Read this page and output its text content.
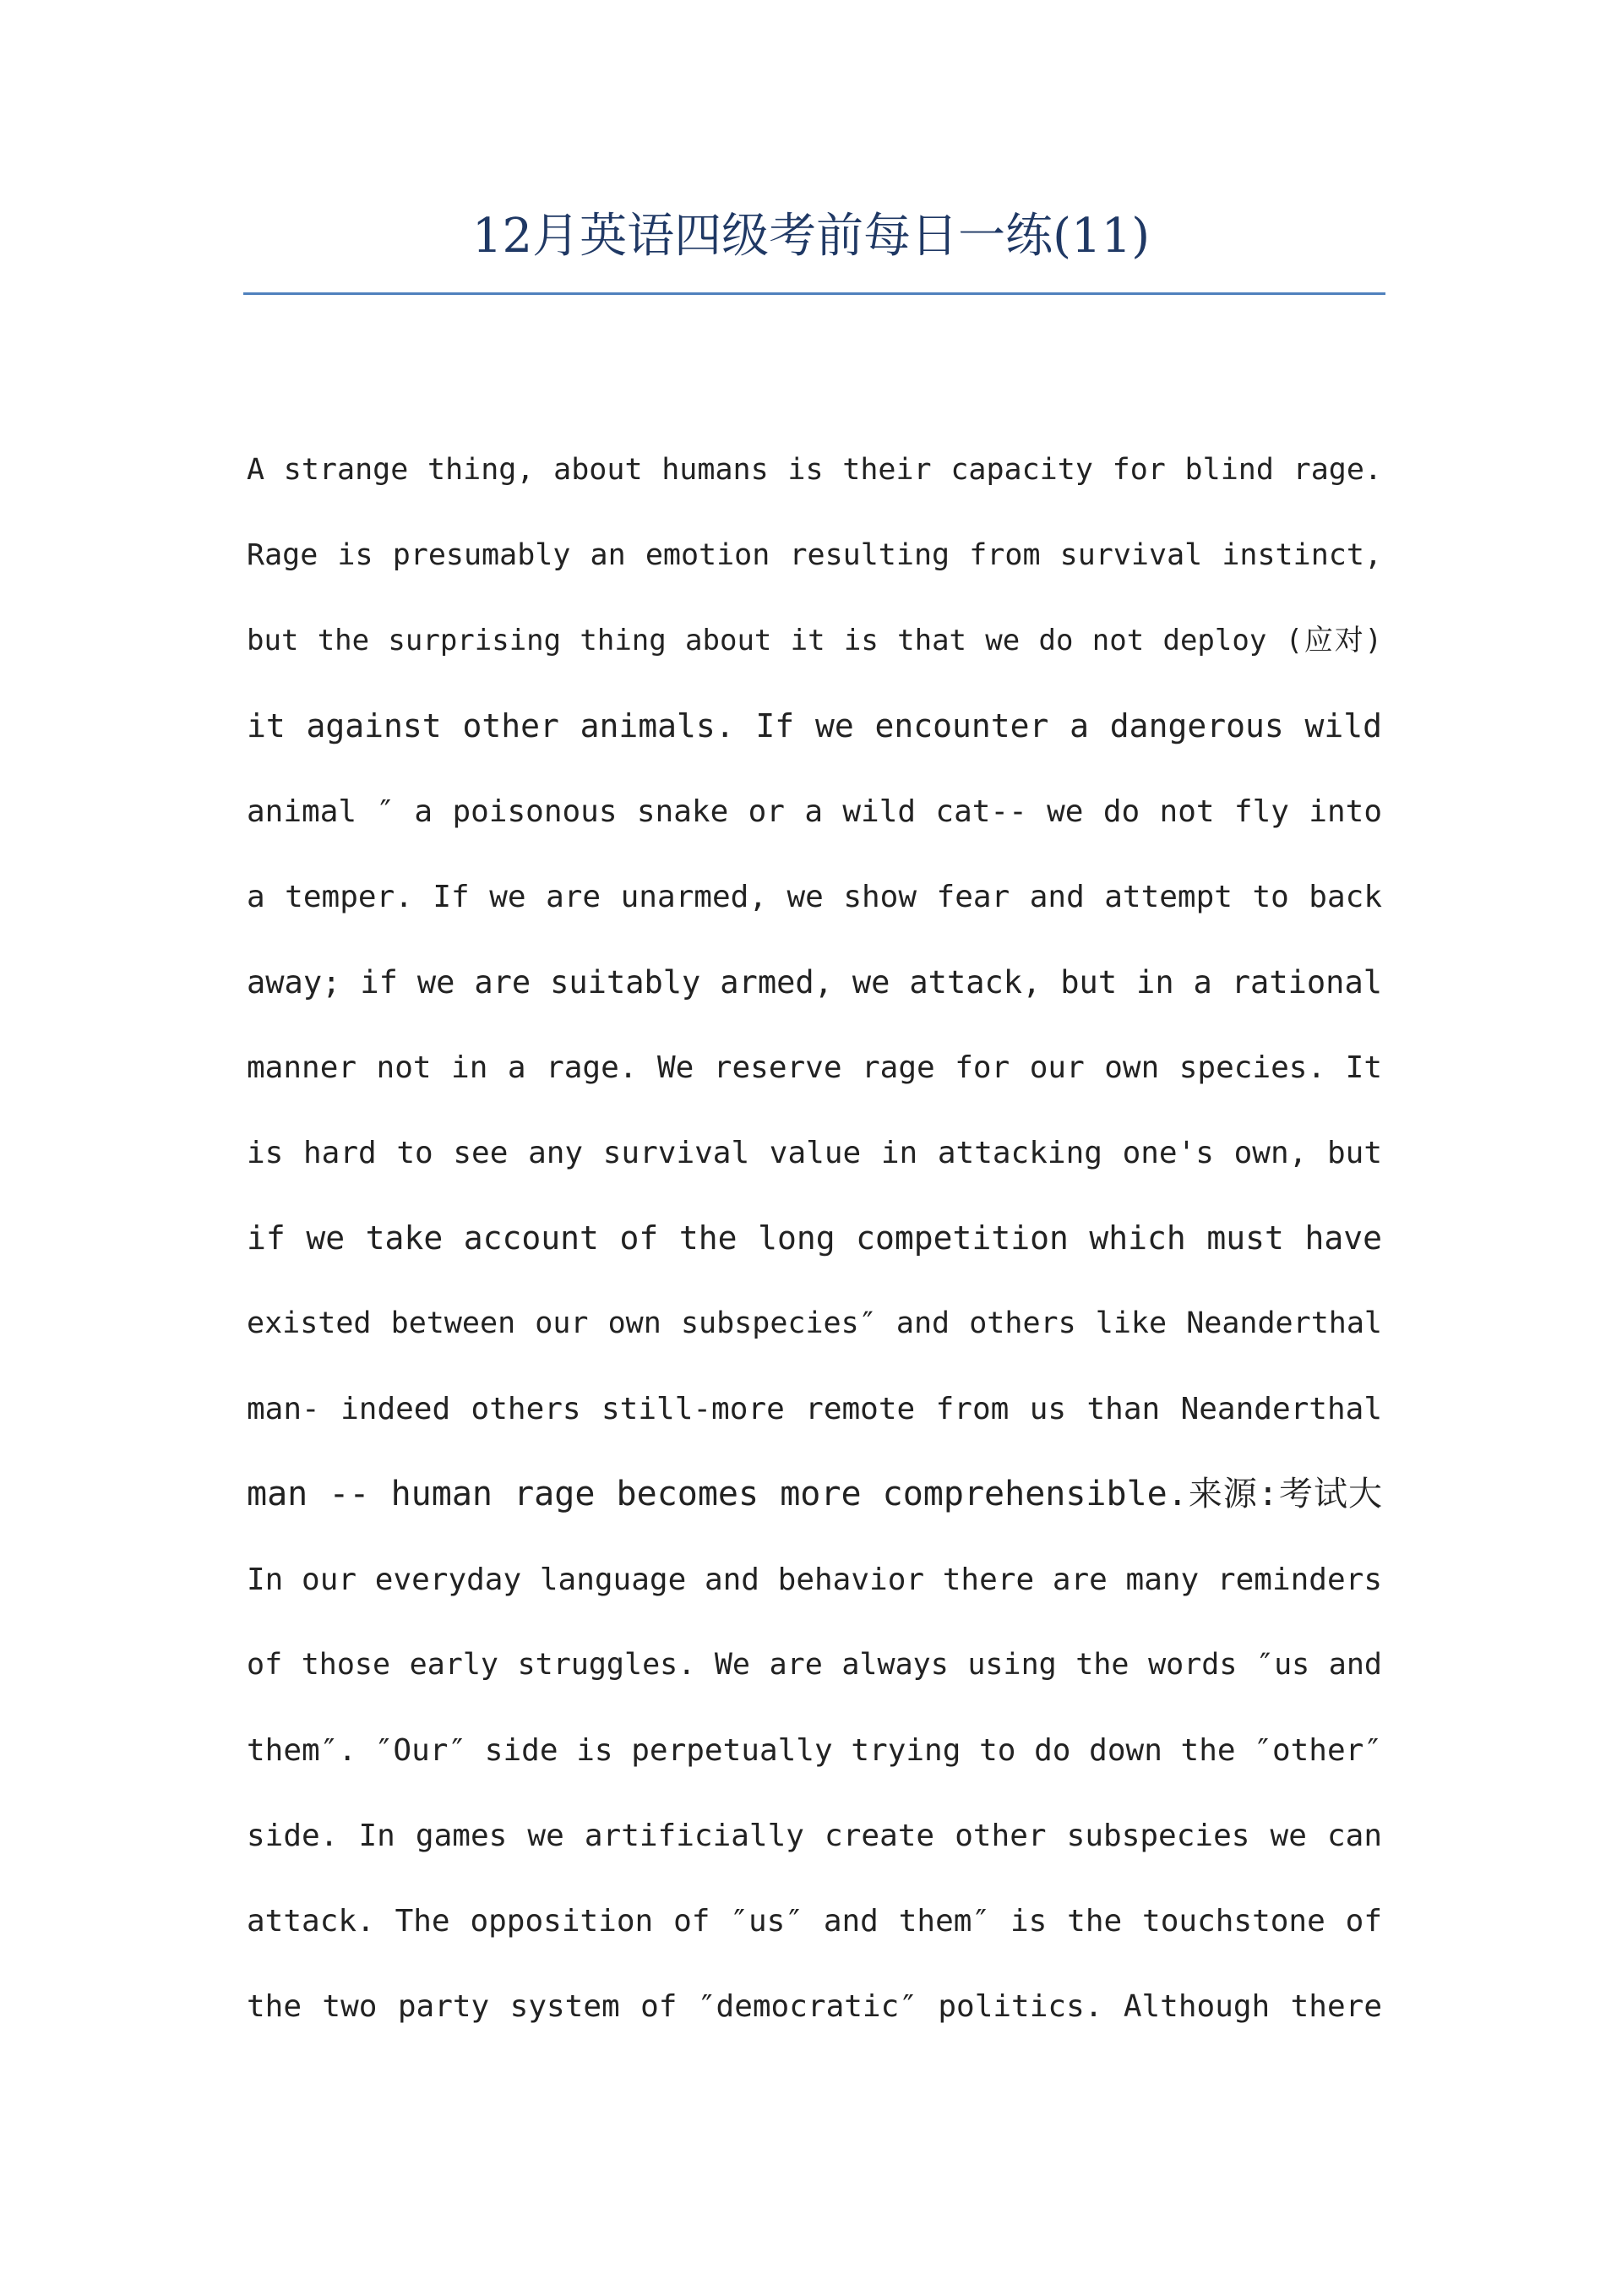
12月英语四级考前每日一练(11)
A strange thing, about humans is their capacity for blind rage.
Rage is presumably an emotion resulting from survival instinct,
but the surprising thing about it is that we do not deploy (应对)
it against other animals. If we encounter a dangerous wild
animal ″ a poisonous snake or a wild cat-- we do not fly into
a temper. If we are unarmed, we show fear and attempt to back
away; if we are suitably armed, we attack, but in a rational
manner not in a rage. We reserve rage for our own species. It
is hard to see any survival value in attacking one's own, but
if we take account of the long competition which must have
existed between our own subspecies″ and others like Neanderthal
man- indeed others still-more remote from us than Neanderthal
man -- human rage becomes more comprehensible.来源:考试大
In our everyday language and behavior there are many reminders
of those early struggles. We are always using the words ″us and
them″. ″Our″ side is perpetually trying to do down the ″other″
side. In games we artificially create other subspecies we can
attack. The opposition of ″us″ and them″ is the touchstone of
the two party system of ″democratic″ politics. Although there
